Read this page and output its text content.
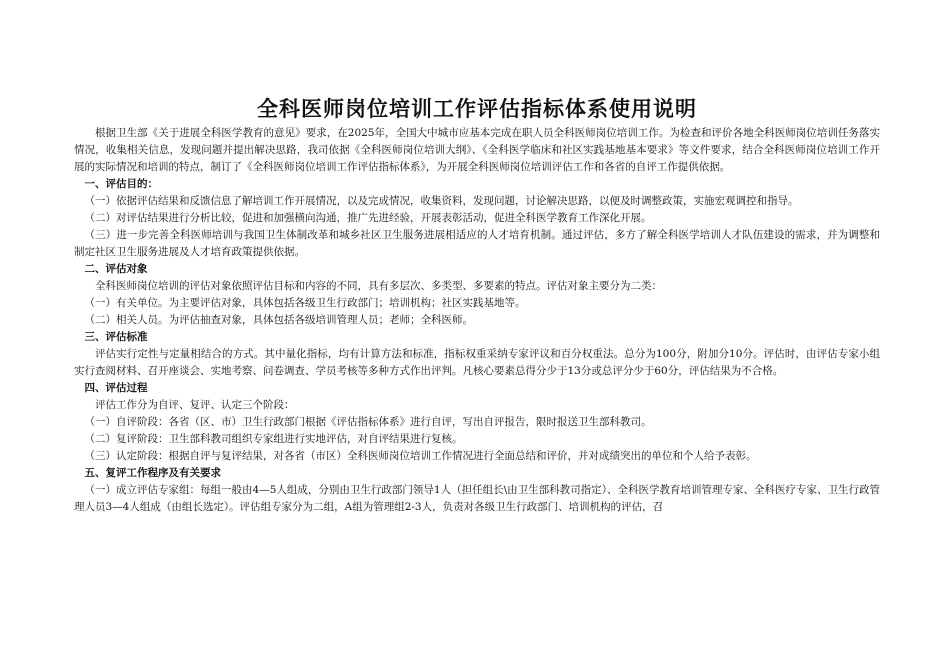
全科医师岗位培训工作评估指标体系使用说明

根据卫生部《关于进展全科医学教育的意见》要求，在2025年，全国大中城市应基本完成在职人员全科医师岗位培训工作。为检查和评价各地全科医师岗位培训任务落实情况，收集相关信息，发现问题并提出解决思路，我司依据《全科医师岗位培训大纲》、《全科医学临床和社区实践基地基本要求》等文件要求，结合全科医师岗位培训工作开展的实际情况和培训的特点，制订了《全科医师岗位培训工作评估指标体系》，为开展全科医师岗位培训评估工作和各省的自评工作提供依据。

一、评估目的：

（一）依据评估结果和反馈信息了解培训工作开展情况，以及完成情况，收集资料，发现问题，讨论解决思路，以便及时调整政策，实施宏观调控和指导。

（二）对评估结果进行分析比较，促进和加强横向沟通，推广先进经验，开展表彰活动，促进全科医学教育工作深化开展。

（三）进一步完善全科医师培训与我国卫生体制改革和城乡社区卫生服务进展相适应的人才培育机制。通过评估，多方了解全科医学培训人才队伍建设的需求，并为调整和制定社区卫生服务进展及人才培育政策提供依据。

二、评估对象

全科医师岗位培训的评估对象依照评估目标和内容的不同，具有多层次、多类型、多要素的特点。评估对象主要分为二类：

（一）有关单位。为主要评估对象，具体包括各级卫生行政部门；培训机构；社区实践基地等。

（二）相关人员。为评估抽查对象，具体包括各级培训管理人员；老师；全科医师。

三、评估标准

评估实行定性与定量相结合的方式。其中量化指标，均有计算方法和标准，指标权重采纳专家评议和百分权重法。总分为100分，附加分10分。评估时，由评估专家小组实行查阅材料、召开座谈会、实地考察、问卷调查、学员考核等多种方式作出评判。凡核心要素总得分少于13分或总评分少于60分，评估结果为不合格。

四、评估过程

评估工作分为自评、复评、认定三个阶段：

（一）自评阶段：各省（区、市）卫生行政部门根据《评估指标体系》进行自评，写出自评报告，限时报送卫生部科教司。

（二）复评阶段：卫生部科教司组织专家组进行实地评估，对自评结果进行复核。

（三）认定阶段：根据自评与复评结果，对各省（市区）全科医师岗位培训工作情况进行全面总结和评价，并对成绩突出的单位和个人给予表彰。

五、复评工作程序及有关要求

（一）成立评估专家组：每组一般由4—5人组成，分别由卫生行政部门领导1人（担任组长\由卫生部科教司指定）、全科医学教育培训管理专家、全科医疗专家、卫生行政管理人员3—4人组成（由组长选定）。评估组专家分为二组，A组为管理组2-3人，负责对各级卫生行政部门、培训机构的评估，召
